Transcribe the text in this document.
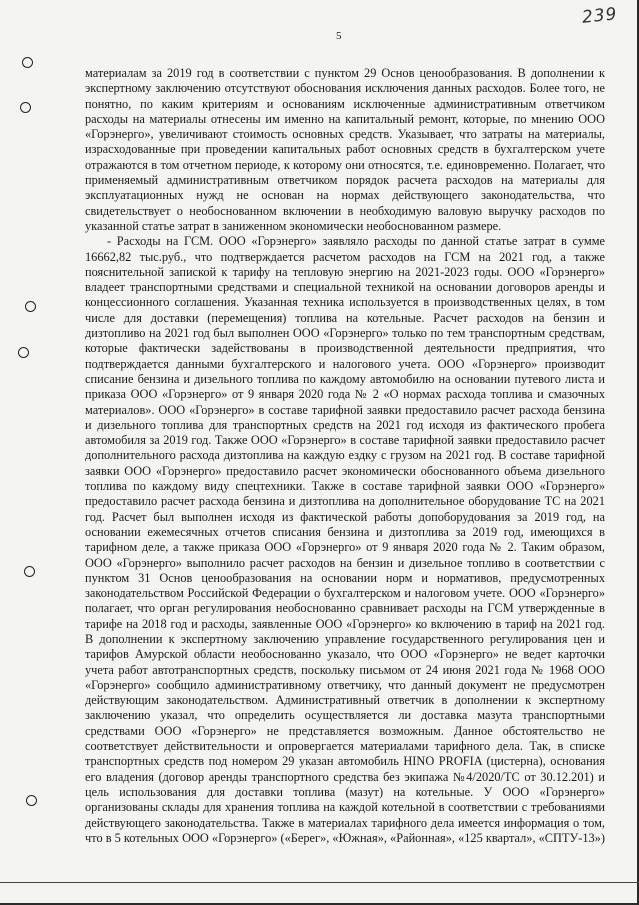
239
5

материалам за 2019 год в соответствии с пунктом 29 Основ ценообразования. В дополнении к экспертному заключению отсутствуют обоснования исключения данных расходов. Более того, не понятно, по каким критериям и основаниям исключенные административным ответчиком расходы на материалы отнесены им именно на капитальный ремонт, которые, по мнению ООО «Горэнерго», увеличивают стоимость основных средств. Указывает, что затраты на материалы, израсходованные при проведении капитальных работ основных средств в бухгалтерском учете отражаются в том отчетном периоде, к которому они относятся, т.е. единовременно. Полагает, что применяемый административным ответчиком порядок расчета расходов на материалы для эксплуатационных нужд не основан на нормах действующего законодательства, что свидетельствует о необоснованном включении в необходимую валовую выручку расходов по указанной статье затрат в заниженном экономически необоснованном размере.

- Расходы на ГСМ. ООО «Горэнерго» заявляло расходы по данной статье затрат в сумме 16662,82 тыс.руб., что подтверждается расчетом расходов на ГСМ на 2021 год, а также пояснительной запиской к тарифу на тепловую энергию на 2021-2023 годы. ООО «Горэнерго» владеет транспортными средствами и специальной техникой на основании договоров аренды и концессионного соглашения. Указанная техника используется в производственных целях, в том числе для доставки (перемещения) топлива на котельные. Расчет расходов на бензин и дизтопливо на 2021 год был выполнен ООО «Горэнерго» только по тем транспортным средствам, которые фактически задействованы в производственной деятельности предприятия, что подтверждается данными бухгалтерского и налогового учета. ООО «Горэнерго» производит списание бензина и дизельного топлива по каждому автомобилю на основании путевого листа и приказа ООО «Горэнерго» от 9 января 2020 года № 2 «О нормах расхода топлива и смазочных материалов». ООО «Горэнерго» в составе тарифной заявки предоставило расчет расхода бензина и дизельного топлива для транспортных средств на 2021 год исходя из фактического пробега автомобиля за 2019 год. Также ООО «Горэнерго» в составе тарифной заявки предоставило расчет дополнительного расхода дизтоплива на каждую ездку с грузом на 2021 год. В составе тарифной заявки ООО «Горэнерго» предоставило расчет экономически обоснованного объема дизельного топлива по каждому виду спецтехники. Также в составе тарифной заявки ООО «Горэнерго» предоставило расчет расхода бензина и дизтоплива на дополнительное оборудование ТС на 2021 год. Расчет был выполнен исходя из фактической работы допоборудования за 2019 год, на основании ежемесячных отчетов списания бензина и дизтоплива за 2019 год, имеющихся в тарифном деле, а также приказа ООО «Горэнерго» от 9 января 2020 года № 2. Таким образом, ООО «Горэнерго» выполнило расчет расходов на бензин и дизельное топливо в соответствии с пунктом 31 Основ ценообразования на основании норм и нормативов, предусмотренных законодательством Российской Федерации о бухгалтерском и налоговом учете. ООО «Горэнерго» полагает, что орган регулирования необоснованно сравнивает расходы на ГСМ утвержденные в тарифе на 2018 год и расходы, заявленные ООО «Горэнерго» ко включению в тариф на 2021 год. В дополнении к экспертному заключению управление государственного регулирования цен и тарифов Амурской области необоснованно указало, что ООО «Горэнерго» не ведет карточки учета работ автотранспортных средств, поскольку письмом от 24 июня 2021 года № 1968 ООО «Горэнерго» сообщило административному ответчику, что данный документ не предусмотрен действующим законодательством. Административный ответчик в дополнении к экспертному заключению указал, что определить осуществляется ли доставка мазута транспортными средствами ООО «Горэнерго» не представляется возможным. Данное обстоятельство не соответствует действительности и опровергается материалами тарифного дела. Так, в списке транспортных средств под номером 29 указан автомобиль HINO PROFIA (цистерна), основания его владения (договор аренды транспортного средства без экипажа №4/2020/ТС от 30.12.201) и цель использования для доставки топлива (мазут) на котельные. У ООО «Горэнерго» организованы склады для хранения топлива на каждой котельной в соответствии с требованиями действующего законодательства. Также в материалах тарифного дела имеется информация о том, что в 5 котельных ООО «Горэнерго» («Берег», «Южная», «Районная», «125 квартал», «СПТУ-13»)
